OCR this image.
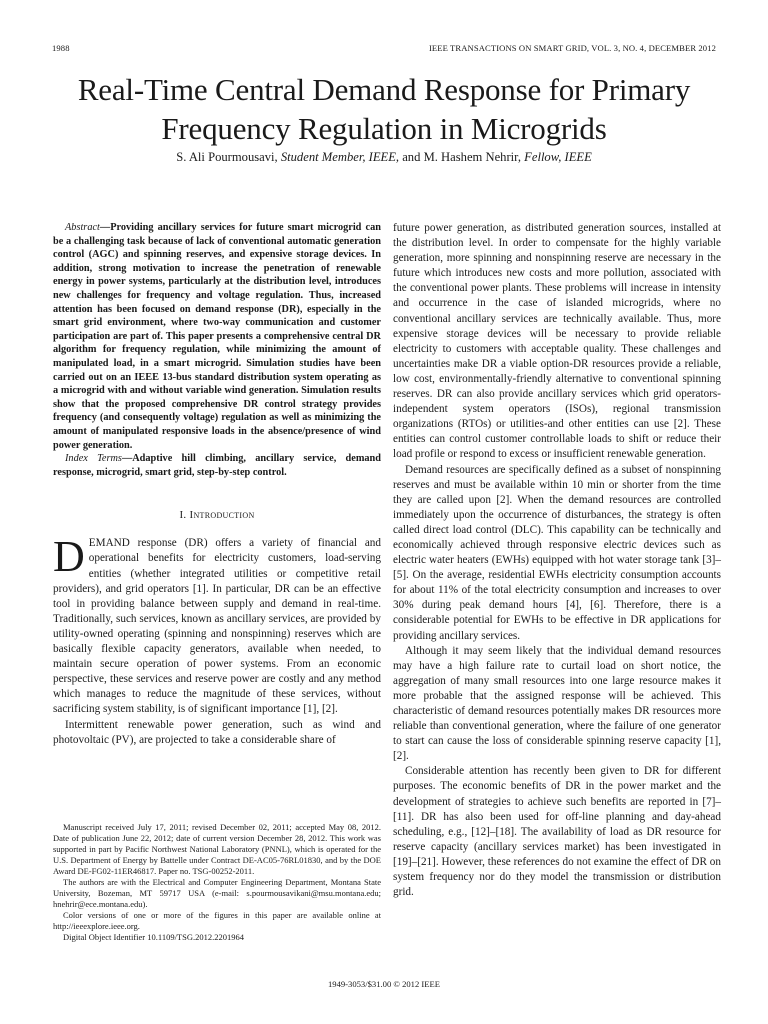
1988	IEEE TRANSACTIONS ON SMART GRID, VOL. 3, NO. 4, DECEMBER 2012
Real-Time Central Demand Response for Primary Frequency Regulation in Microgrids
S. Ali Pourmousavi, Student Member, IEEE, and M. Hashem Nehrir, Fellow, IEEE

Abstract—Providing ancillary services for future smart microgrid can be a challenging task because of lack of conventional automatic generation control (AGC) and spinning reserves, and expensive storage devices. In addition, strong motivation to increase the penetration of renewable energy in power systems, particularly at the distribution level, introduces new challenges for frequency and voltage regulation. Thus, increased attention has been focused on demand response (DR), especially in the smart grid environment, where two-way communication and customer participation are part of. This paper presents a comprehensive central DR algorithm for frequency regulation, while minimizing the amount of manipulated load, in a smart microgrid. Simulation studies have been carried out on an IEEE 13-bus standard distribution system operating as a microgrid with and without variable wind generation. Simulation results show that the proposed comprehensive DR control strategy provides frequency (and consequently voltage) regulation as well as minimizing the amount of manipulated responsive loads in the absence/presence of wind power generation.

Index Terms—Adaptive hill climbing, ancillary service, demand response, microgrid, smart grid, step-by-step control.

I. Introduction

DEMAND response (DR) offers a variety of financial and operational benefits for electricity customers, load-serving entities (whether integrated utilities or competitive retail providers), and grid operators [1]. In particular, DR can be an effective tool in providing balance between supply and demand in real-time. Traditionally, such services, known as ancillary services, are provided by utility-owned operating (spinning and nonspinning) reserves which are basically flexible capacity generators, available when needed, to maintain secure operation of power systems. From an economic perspective, these services and reserve power are costly and any method which manages to reduce the magnitude of these services, without sacrificing system stability, is of significant importance [1], [2].

Intermittent renewable power generation, such as wind and photovoltaic (PV), are projected to take a considerable share of

future power generation, as distributed generation sources, installed at the distribution level. In order to compensate for the highly variable generation, more spinning and nonspinning reserve are necessary in the future which introduces new costs and more pollution, associated with the conventional power plants. These problems will increase in intensity and occurrence in the case of islanded microgrids, where no conventional ancillary services are technically available. Thus, more expensive storage devices will be necessary to provide reliable electricity to customers with acceptable quality. These challenges and uncertainties make DR a viable option-DR resources provide a reliable, low cost, environmentally-friendly alternative to conventional spinning reserves. DR can also provide ancillary services which grid operators-independent system operators (ISOs), regional transmission organizations (RTOs) or utilities-and other entities can use [2]. These entities can control customer controllable loads to shift or reduce their load profile or respond to excess or insufficient renewable generation.

Demand resources are specifically defined as a subset of nonspinning reserves and must be available within 10 min or shorter from the time they are called upon [2]. When the demand resources are controlled immediately upon the occurrence of disturbances, the strategy is often called direct load control (DLC). This capability can be technically and economically achieved through responsive electric devices such as electric water heaters (EWHs) equipped with hot water storage tank [3]–[5]. On the average, residential EWHs electricity consumption accounts for about 11% of the total electricity consumption and increases to over 30% during peak demand hours [4], [6]. Therefore, there is a considerable potential for EWHs to be effective in DR applications for providing ancillary services.

Although it may seem likely that the individual demand resources may have a high failure rate to curtail load on short notice, the aggregation of many small resources into one large resource makes it more probable that the assigned response will be achieved. This characteristic of demand resources potentially makes DR resources more reliable than conventional generation, where the failure of one generator to start can cause the loss of considerable spinning reserve capacity [1], [2].

Considerable attention has recently been given to DR for different purposes. The economic benefits of DR in the power market and the development of strategies to achieve such benefits are reported in [7]–[11]. DR has also been used for off-line planning and day-ahead scheduling, e.g., [12]–[18]. The availability of load as DR resource for reserve capacity (ancillary services market) has been investigated in [19]–[21]. However, these references do not examine the effect of DR on system frequency nor do they model the transmission or distribution grid.

Manuscript received July 17, 2011; revised December 02, 2011; accepted May 08, 2012. Date of publication June 22, 2012; date of current version December 28, 2012. This work was supported in part by Pacific Northwest National Laboratory (PNNL), which is operated for the U.S. Department of Energy by Battelle under Contract DE-AC05-76RL01830, and by the DOE Award DE-FG02-11ER46817. Paper no. TSG-00252-2011.

The authors are with the Electrical and Computer Engineering Department, Montana State University, Bozeman, MT 59717 USA (e-mail: s.pourmousavikani@msu.montana.edu; hnehrir@ece.montana.edu).

Color versions of one or more of the figures in this paper are available online at http://ieeexplore.ieee.org.

Digital Object Identifier 10.1109/TSG.2012.2201964

1949-3053/$31.00 © 2012 IEEE
